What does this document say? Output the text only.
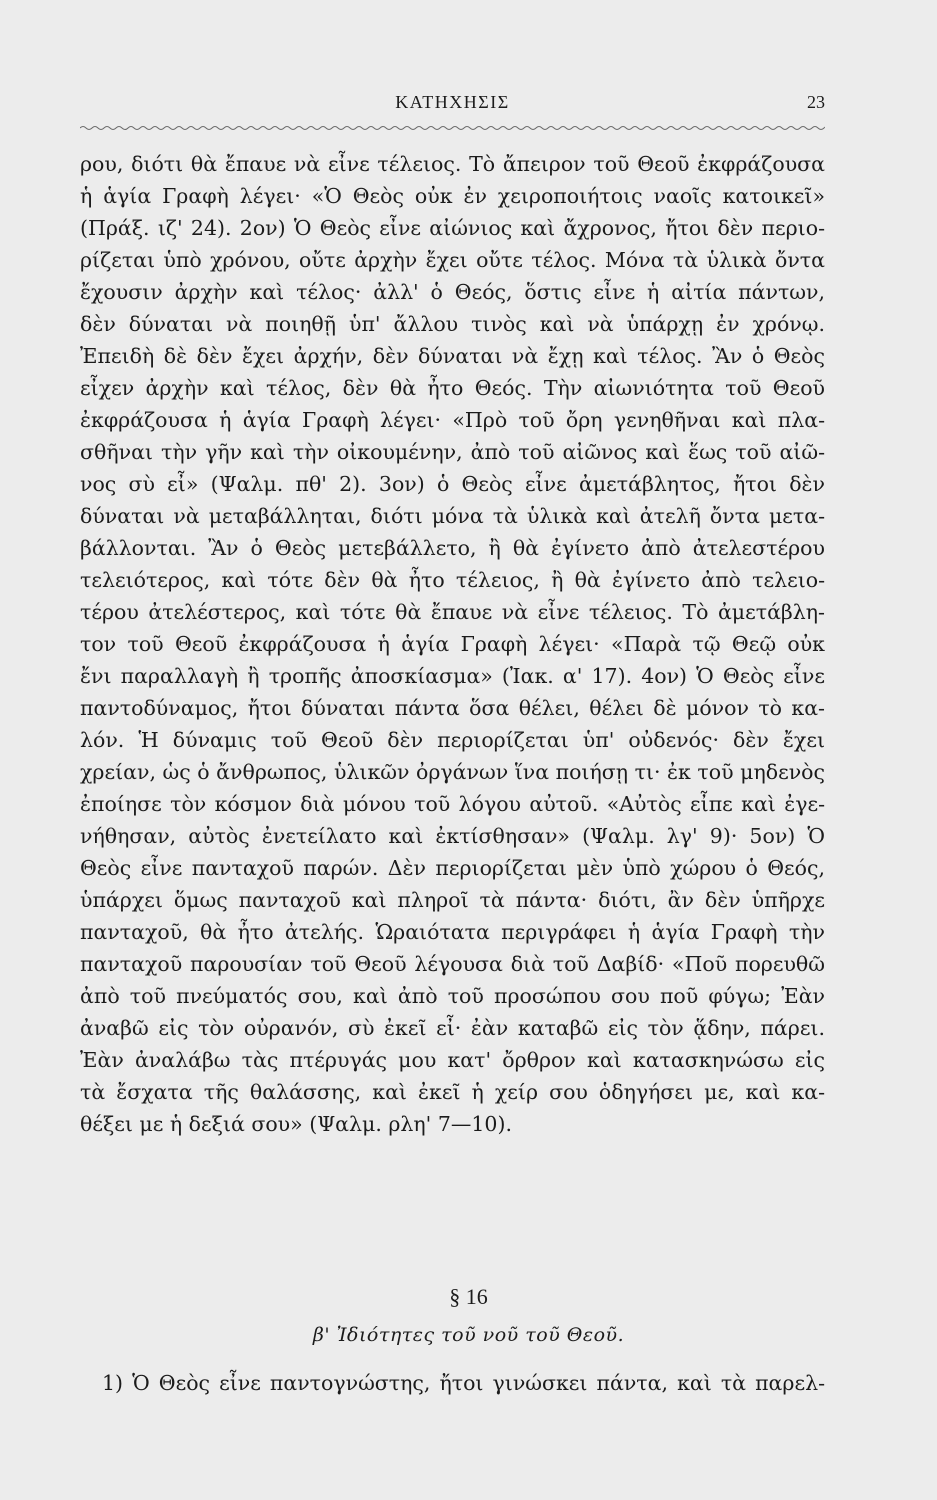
ΚΑΤΗΧΗΣΙΣ	23
ρου, διότι θὰ ἔπαυε νὰ εἶνε τέλειος. Τὸ ἄπειρον τοῦ Θεοῦ ἐκφράζουσα
ἡ ἁγία Γραφὴ λέγει· «Ὁ Θεὸς οὐκ ἐν χειροποιήτοις ναοῖς κατοικεῖ»
(Πράξ. ιζ' 24). 2ον) Ὁ Θεὸς εἶνε αἰώνιος καὶ ἄχρονος, ἤτοι δὲν περιο-
ρίζεται ὑπὸ χρόνου, οὔτε ἀρχὴν ἔχει οὔτε τέλος. Μόνα τὰ ὑλικὰ ὄντα
ἔχουσιν ἀρχὴν καὶ τέλος· ἀλλ' ὁ Θεός, ὅστις εἶνε ἡ αἰτία πάντων,
δὲν δύναται νὰ ποιηθῇ ὑπ' ἄλλου τινὸς καὶ νὰ ὑπάρχῃ ἐν χρόνῳ.
Ἐπειδὴ δὲ δὲν ἔχει ἀρχήν, δὲν δύναται νὰ ἔχῃ καὶ τέλος. Ἂν ὁ Θεὸς
εἶχεν ἀρχὴν καὶ τέλος, δὲν θὰ ἦτο Θεός. Τὴν αἰωνιότητα τοῦ Θεοῦ
ἐκφράζουσα ἡ ἁγία Γραφὴ λέγει· «Πρὸ τοῦ ὄρη γενηθῆναι καὶ πλα-
σθῆναι τὴν γῆν καὶ τὴν οἰκουμένην, ἀπὸ τοῦ αἰῶνος καὶ ἕως τοῦ αἰῶ-
νος σὺ εἶ» (Ψαλμ. πθ' 2). 3ον) ὁ Θεὸς εἶνε ἀμετάβλητος, ἤτοι δὲν
δύναται νὰ μεταβάλληται, διότι μόνα τὰ ὑλικὰ καὶ ἀτελῆ ὄντα μετα-
βάλλονται. Ἂν ὁ Θεὸς μετεβάλλετο, ἢ θὰ ἐγίνετο ἀπὸ ἀτελεστέρου
τελειότερος, καὶ τότε δὲν θὰ ἦτο τέλειος, ἢ θὰ ἐγίνετο ἀπὸ τελειο-
τέρου ἀτελέστερος, καὶ τότε θὰ ἔπαυε νὰ εἶνε τέλειος. Τὸ ἀμετάβλη-
τον τοῦ Θεοῦ ἐκφράζουσα ἡ ἁγία Γραφὴ λέγει· «Παρὰ τῷ Θεῷ οὐκ
ἔνι παραλλαγὴ ἢ τροπῆς ἀποσκίασμα» (Ἰακ. α' 17). 4ον) Ὁ Θεὸς εἶνε
παντοδύναμος, ἤτοι δύναται πάντα ὅσα θέλει, θέλει δὲ μόνον τὸ κα-
λόν. Ἡ δύναμις τοῦ Θεοῦ δὲν περιορίζεται ὑπ' οὐδενός· δὲν ἔχει
χρείαν, ὡς ὁ ἄνθρωπος, ὑλικῶν ὀργάνων ἵνα ποιήσῃ τι· ἐκ τοῦ μηδενὸς
ἐποίησε τὸν κόσμον διὰ μόνου τοῦ λόγου αὐτοῦ. «Αὐτὸς εἶπε καὶ ἐγε-
νήθησαν, αὐτὸς ἐνετείλατο καὶ ἐκτίσθησαν» (Ψαλμ. λγ' 9)· 5ον) Ὁ
Θεὸς εἶνε πανταχοῦ παρών. Δὲν περιορίζεται μὲν ὑπὸ χώρου ὁ Θεός,
ὑπάρχει ὅμως πανταχοῦ καὶ πληροῖ τὰ πάντα· διότι, ἂν δὲν ὑπῆρχε
πανταχοῦ, θὰ ἦτο ἀτελής. Ὡραιότατα περιγράφει ἡ ἁγία Γραφὴ τὴν
πανταχοῦ παρουσίαν τοῦ Θεοῦ λέγουσα διὰ τοῦ Δαβίδ· «Ποῦ πορευθῶ
ἀπὸ τοῦ πνεύματός σου, καὶ ἀπὸ τοῦ προσώπου σου ποῦ φύγω; Ἐὰν
ἀναβῶ εἰς τὸν οὐρανόν, σὺ ἐκεῖ εἶ· ἐὰν καταβῶ εἰς τὸν ᾅδην, πάρει.
Ἐὰν ἀναλάβω τὰς πτέρυγάς μου κατ' ὄρθρον καὶ κατασκηνώσω εἰς
τὰ ἔσχατα τῆς θαλάσσης, καὶ ἐκεῖ ἡ χείρ σου ὁδηγήσει με, καὶ κα-
θέξει με ἡ δεξιά σου» (Ψαλμ. ρλη' 7—10).
§ 16
β' Ἰδιότητες τοῦ νοῦ τοῦ Θεοῦ.
1) Ὁ Θεὸς εἶνε παντογνώστης, ἤτοι γινώσκει πάντα, καὶ τὰ παρελ-
